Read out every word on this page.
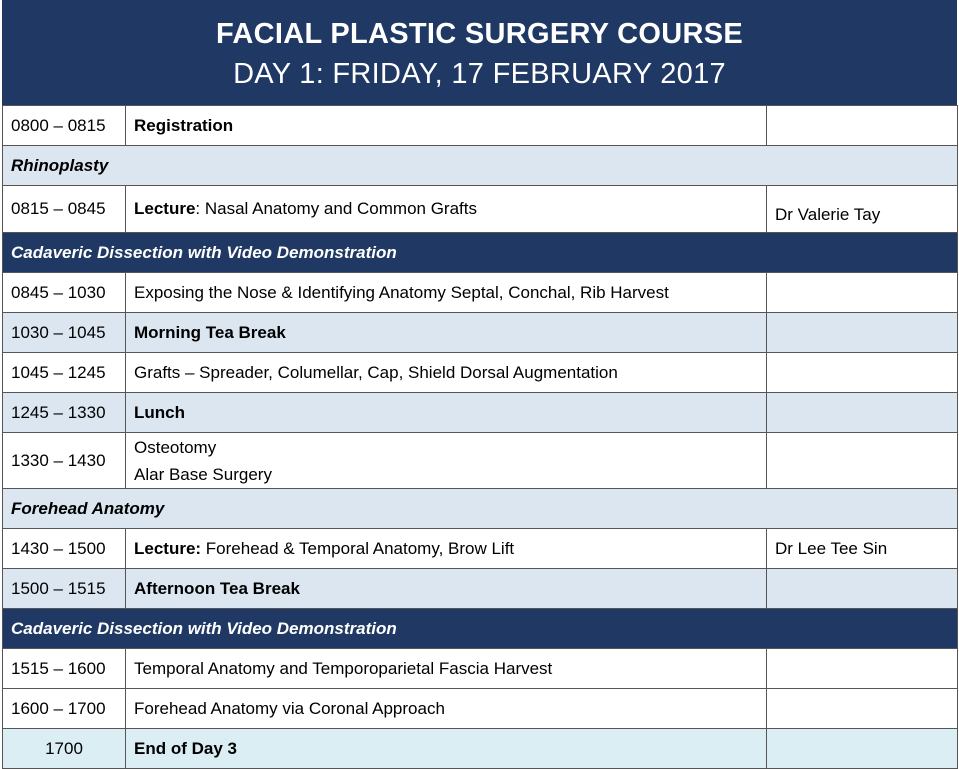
FACIAL PLASTIC SURGERY COURSE
DAY 1: FRIDAY, 17 FEBRUARY 2017
0800 – 0815	Registration	
Rhinoplasty		
0815 – 0845	Lecture: Nasal Anatomy and Common Grafts	Dr Valerie Tay
Cadaveric Dissection with Video Demonstration		
0845 – 1030	Exposing the Nose & Identifying Anatomy Septal, Conchal, Rib Harvest	
1030 – 1045	Morning Tea Break	
1045 – 1245	Grafts – Spreader, Columellar, Cap, Shield Dorsal Augmentation	
1245 – 1330	Lunch	
1330 – 1430	Osteotomy
Alar Base Surgery	

Forehead Anatomy		
1430 – 1500	Lecture: Forehead & Temporal Anatomy, Brow Lift	Dr Lee Tee Sin
1500 – 1515	Afternoon Tea Break	
Cadaveric Dissection with Video Demonstration		
1515 – 1600	Temporal Anatomy and Temporoparietal Fascia Harvest	
1600 – 1700	Forehead Anatomy via Coronal Approach	
1700	End of Day 3	
